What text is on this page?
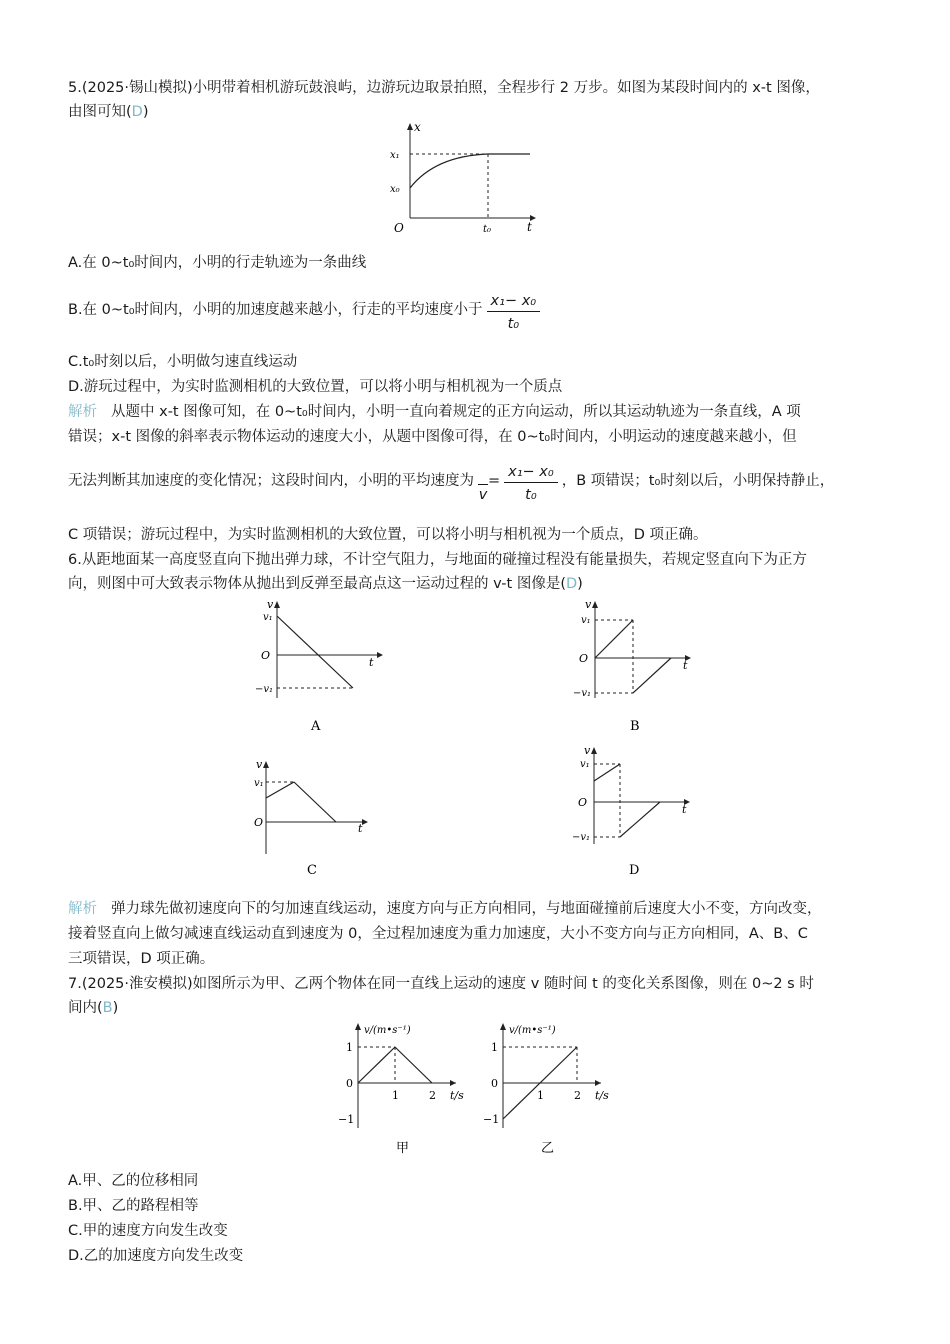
5.(2025·锡山模拟)小明带着相机游玩鼓浪屿，边游玩边取景拍照，全程步行 2 万步。如图为某段时间内的 x-t 图像，
由图可知(D)
x
t
O
x₁
x₀
t₀
A.在 0~t₀时间内，小明的行走轨迹为一条曲线
B.在 0~t₀时间内，小明的加速度越来越小，行走的平均速度小于 $\frac{\text{x₁− x₀}}{\text{t₀}}$
C.t₀时刻以后，小明做匀速直线运动
D.游玩过程中，为实时监测相机的大致位置，可以将小明与相机视为一个质点
解析 从题中 x-t 图像可知，在 0~t₀时间内，小明一直向着规定的正方向运动，所以其运动轨迹为一条直线，A 项
错误；x-t 图像的斜率表示物体运动的速度大小，从题中图像可得，在 0~t₀时间内，小明运动的速度越来越小，但
无法判断其加速度的变化情况；这段时间内，小明的平均速度为
$v= \frac{\text{x₁− x₀}}{\text{t₀}}$ ，B 项错误；t₀时刻以后，小明保持静止，
C 项错误；游玩过程中，为实时监测相机的大致位置，可以将小明与相机视为一个质点，D 项正确。
6.从距地面某一高度竖直向下抛出弹力球，不计空气阻力，与地面的碰撞过程没有能量损失，若规定竖直向下为正方
向，则图中可大致表示物体从抛出到反弹至最高点这一运动过程的 v-t 图像是(D)
v
v₁
O
−v₁
t
A
v
v₁
O
−v₁
t
B
v
v₁
O	t
C
v
v₁
O
−v₁
t
D
解析 弹力球先做初速度向下的匀加速直线运动，速度方向与正方向相同，与地面碰撞前后速度大小不变，方向改变，
接着竖直向上做匀减速直线运动直到速度为 0，全过程加速度为重力加速度，大小不变方向与正方向相同，A、B、C
三项错误，D 项正确。
7.(2025·淮安模拟)如图所示为甲、乙两个物体在同一直线上运动的速度 v 随时间 t 的变化关系图像，则在 0~2 s 时
间内(B)
v/(m•s⁻¹)
1
0
−1
1	2 t/s
甲
v/(m•s⁻¹)
1
0
−1
1	2 t/s
乙
A.甲、乙的位移相同
B.甲、乙的路程相等
C.甲的速度方向发生改变
D.乙的加速度方向发生改变
